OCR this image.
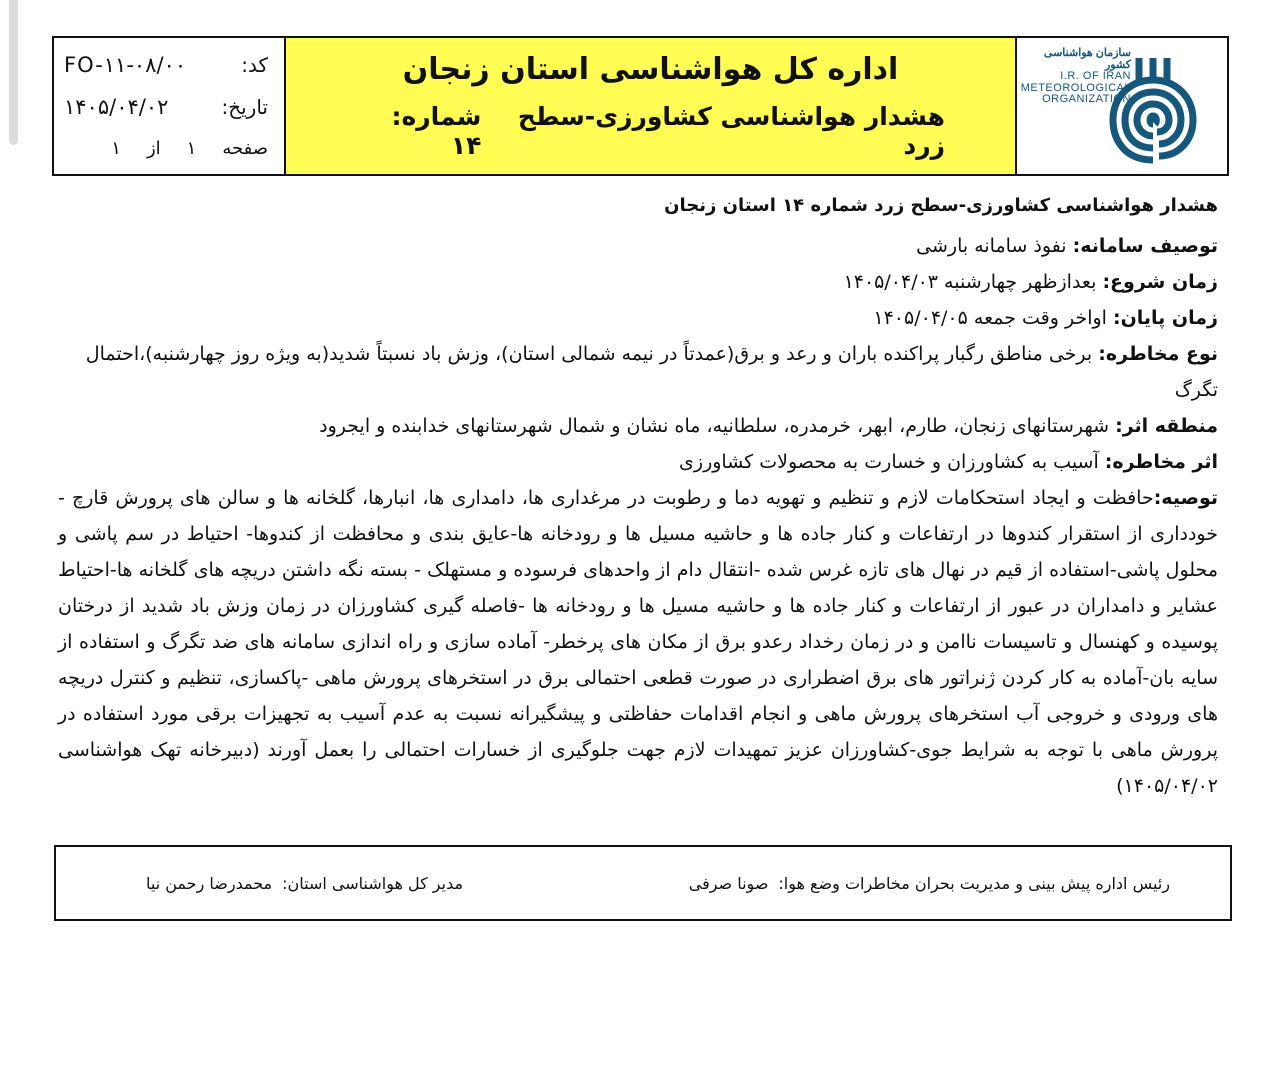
سازمان هواشناسی کشور
I.R. OF IRAN
METEOROLOGICAL
ORGANIZATION
اداره کل هواشناسی استان زنجان
هشدار هواشناسی کشاورزی-سطح زرد
شماره: ۱۴
کد:
FO-۱۱-۰۸/۰۰
تاریخ:
۱۴۰۵/۰۴/۰۲
صفحه
۱
از
۱

هشدار هواشناسی کشاورزی-سطح زرد شماره ۱۴ استان زنجان

توصیف سامانه: نفوذ سامانه بارشی

زمان شروع: بعدازظهر چهارشنبه ۱۴۰۵/۰۴/۰۳

زمان پایان: اواخر وقت جمعه ۱۴۰۵/۰۴/۰۵

نوع مخاطره: برخی مناطق رگبار پراکنده باران و رعد و برق(عمدتاً در نیمه شمالی استان)، وزش باد نسبتاً شدید(به ویژه روز چهارشنبه)،احتمال تگرگ

منطقه اثر: شهرستانهای زنجان، طارم، ابهر، خرمدره، سلطانیه، ماه نشان و شمال شهرستانهای خدابنده و ایجرود

اثر مخاطره: آسیب به کشاورزان و خسارت به محصولات کشاورزی

توصیه:حافظت و ایجاد استحکامات لازم و تنظیم و تهویه دما و رطوبت در مرغداری ها، دامداری ها، انبارها، گلخانه ها و سالن های پرورش قارچ - خودداری از استقرار کندوها در ارتفاعات و کنار جاده ها و حاشیه مسیل ها و رودخانه ها-عایق بندی و محافظت از کندوها- احتیاط در سم پاشی و محلول پاشی-استفاده از قیم در نهال های تازه غرس شده -انتقال دام از واحدهای فرسوده و مستهلک - بسته نگه داشتن دریچه های گلخانه ها-احتیاط عشایر و دامداران در عبور از ارتفاعات و کنار جاده ها و حاشیه مسیل ها و رودخانه ها -فاصله گیری کشاورزان در زمان وزش باد شدید از درختان پوسیده و کهنسال و تاسیسات ناامن و در زمان رخداد رعدو برق از مکان های پرخطر- آماده سازی و راه اندازی سامانه های ضد تگرگ و استفاده از سایه بان-آماده به کار کردن ژنراتور های برق اضطراری در صورت قطعی احتمالی برق در استخرهای پرورش ماهی -پاکسازی، تنظیم و کنترل دریچه های ورودی و خروجی آب استخرهای پرورش ماهی و انجام اقدامات حفاظتی و پیشگیرانه نسبت به عدم آسیب به تجهیزات برقی مورد استفاده در پرورش ماهی با توجه به شرایط جوی-کشاورزان عزیز تمهیدات لازم جهت جلوگیری از خسارات احتمالی را بعمل آورند (دبیرخانه تهک هواشناسی ۱۴۰۵/۰۴/۰۲)

رئیس اداره پیش بینی و مدیریت بحران مخاطرات وضع هوا:
صونا صرفی
مدیر کل هواشناسی استان:
محمدرضا رحمن نیا
